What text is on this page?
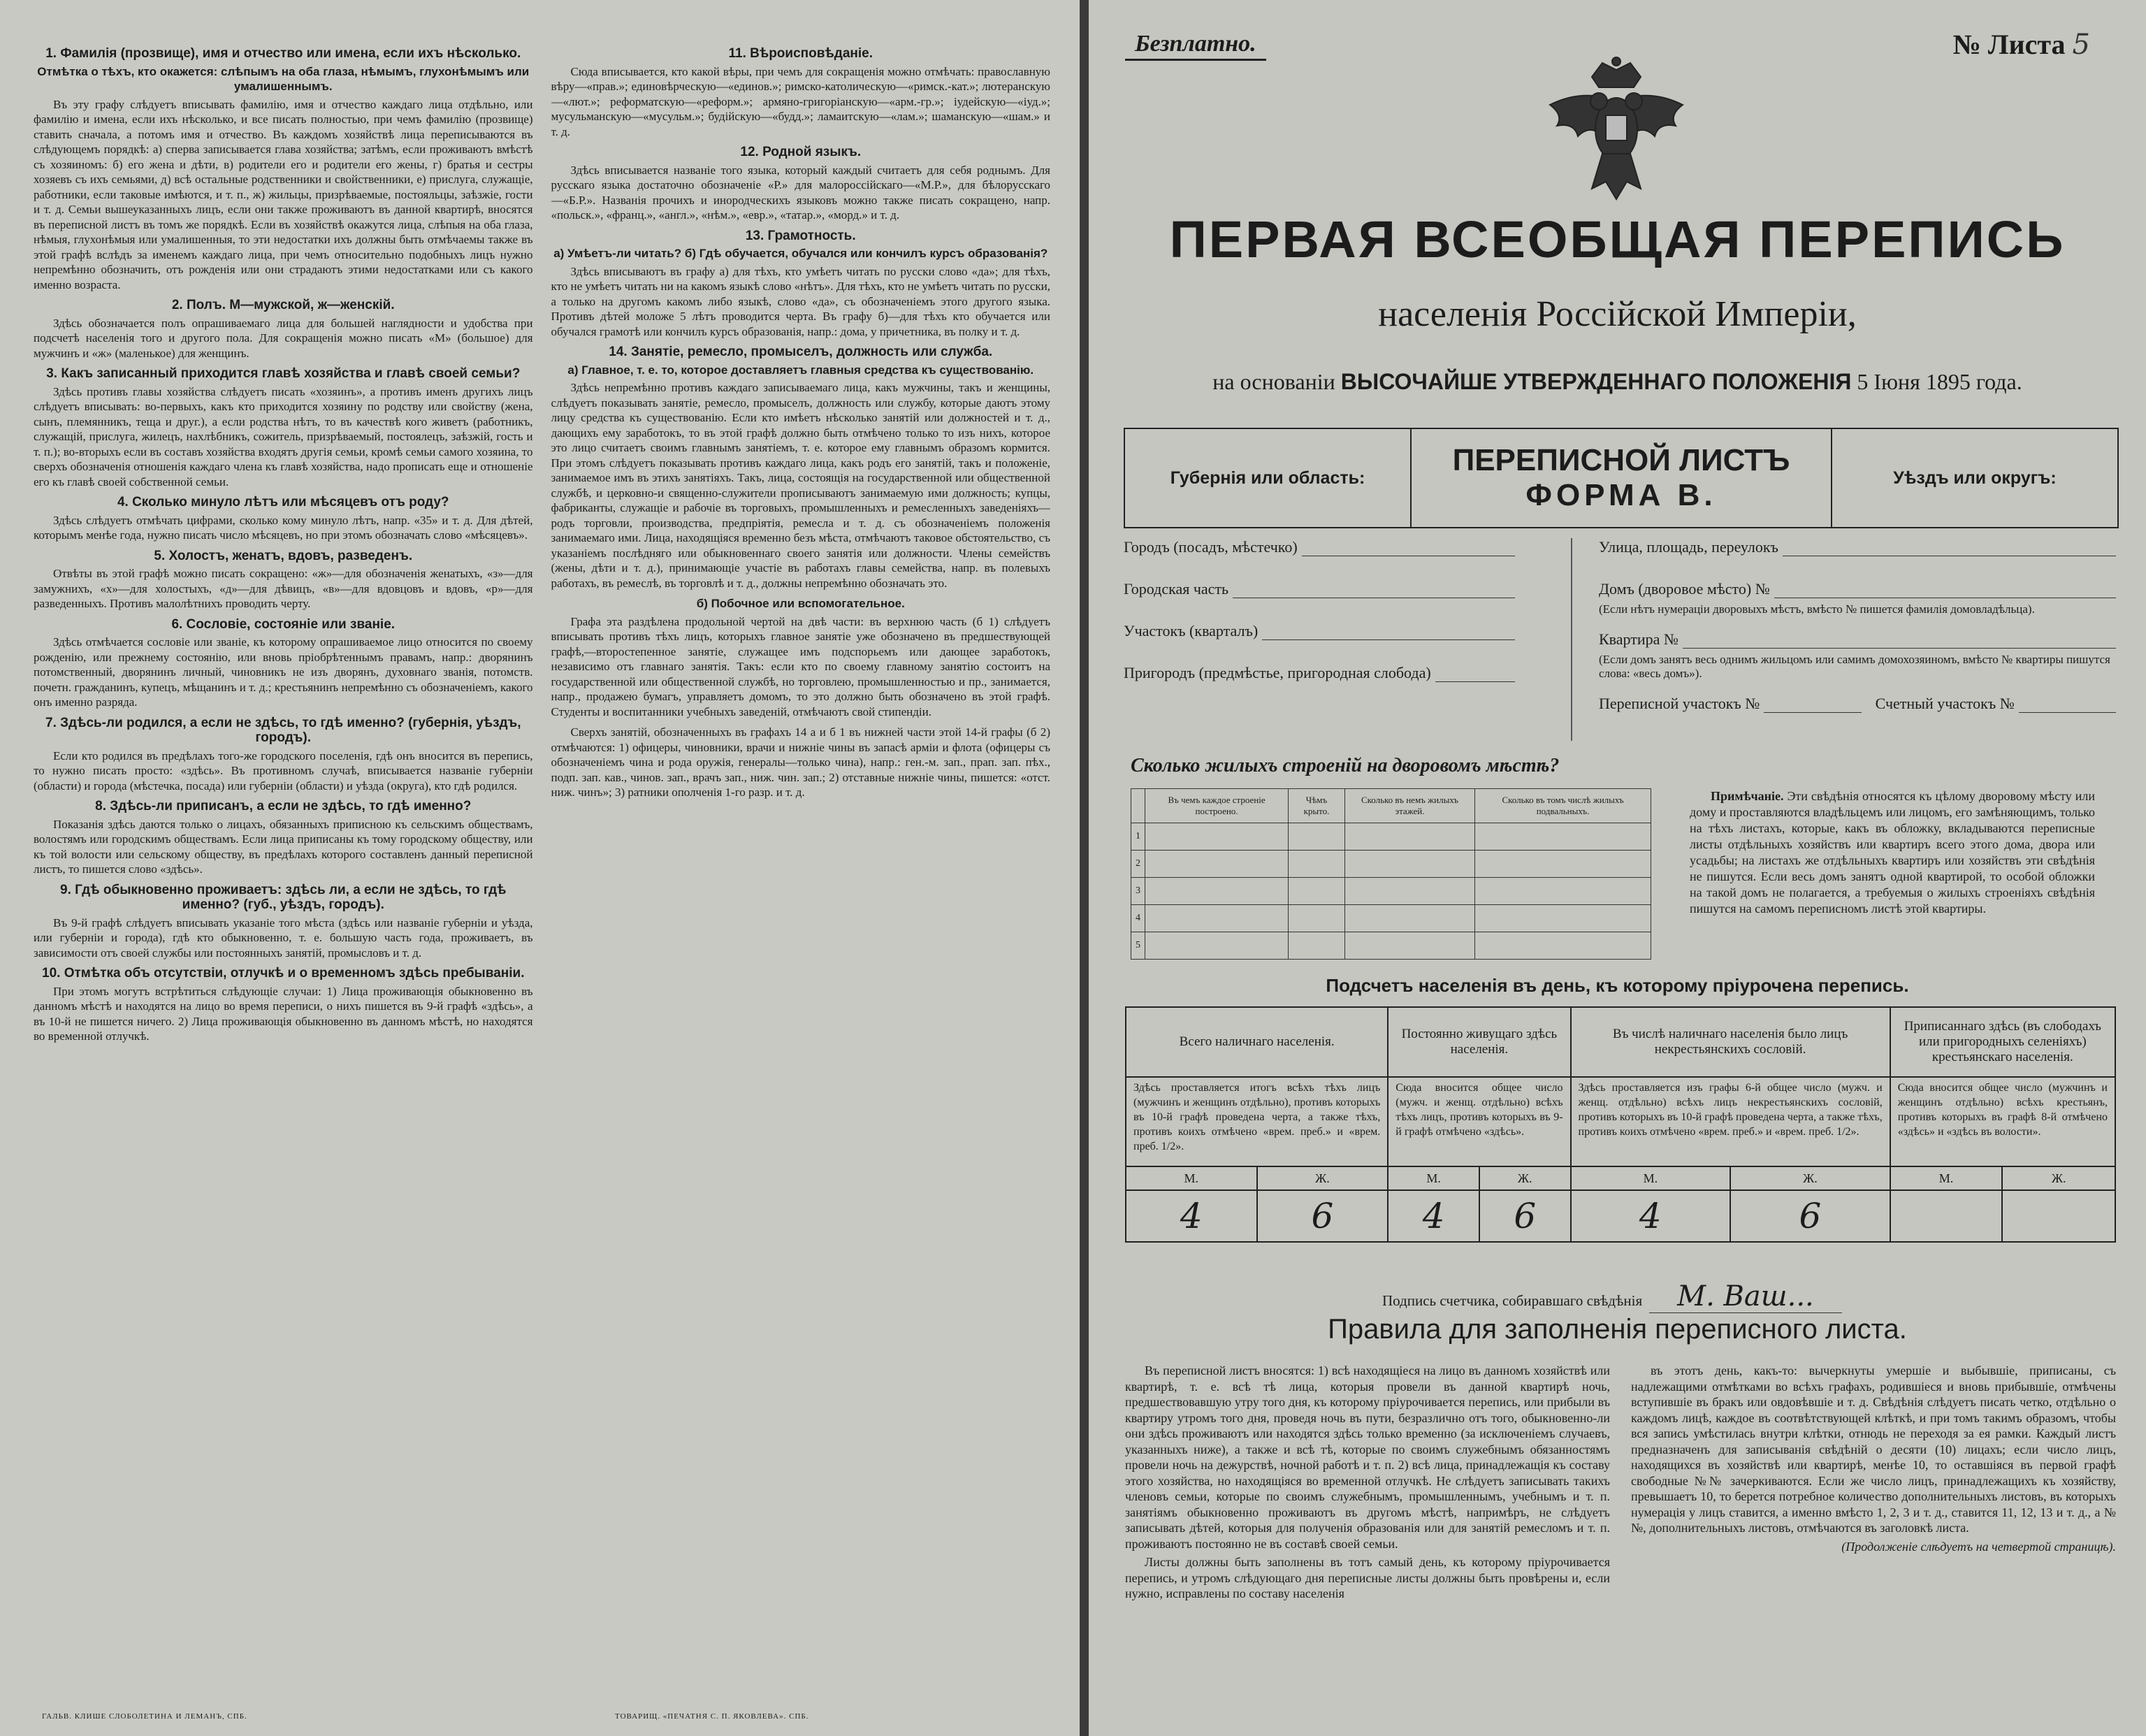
1. Фамилія (прозвище), имя и отчество или имена, если ихъ нѣсколько.
Отмѣтка о тѣхъ, кто окажется: слѣпымъ на оба глаза, нѣмымъ, глухонѣмымъ или умалишеннымъ.
Въ эту графу слѣдуетъ вписывать фамилію, имя и отчество каждаго лица отдѣльно, или фамилію и имена, если ихъ нѣсколько, и все писать полностью, при чемъ фамилію (прозвище) ставить сначала, а потомъ имя и отчество. Въ каждомъ хозяйствѣ лица переписываются въ слѣдующемъ порядкѣ: а) сперва записывается глава хозяйства; затѣмъ, если проживаютъ вмѣстѣ съ хозяиномъ: б) его жена и дѣти, в) родители его и родители его жены, г) братья и сестры хозяевъ съ ихъ семьями, д) всѣ остальные родственники и свойственники, е) прислуга, служащіе, работники, если таковые имѣются, и т. п., ж) жильцы, призрѣваемые, постояльцы, заѣзжіе, гости и т. д. Семьи вышеуказанныхъ лицъ, если они также проживаютъ въ данной квартирѣ, вносятся въ переписной листъ въ томъ же порядкѣ. Если въ хозяйствѣ окажутся лица, слѣпыя на оба глаза, нѣмыя, глухонѣмыя или умалишенныя, то эти недостатки ихъ должны быть отмѣчаемы также въ этой графѣ вслѣдъ за именемъ каждаго лица, при чемъ относительно подобныхъ лицъ нужно непремѣнно обозначить, отъ рожденія или они страдаютъ этими недостатками или съ какого именно возраста.
2. Полъ. М—мужской, ж—женскій.
Здѣсь обозначается полъ опрашиваемаго лица для большей наглядности и удобства при подсчетѣ населенія того и другого пола. Для сокращенія можно писать «М» (большое) для мужчинъ и «ж» (маленькое) для женщинъ.
3. Какъ записанный приходится главѣ хозяйства и главѣ своей семьи?
Здѣсь противъ главы хозяйства слѣдуетъ писать «хозяинъ», а противъ именъ другихъ лицъ слѣдуетъ вписывать: во-первыхъ, какъ кто приходится хозяину по родству или свойству (жена, сынъ, племянникъ, теща и друг.), а если родства нѣтъ, то въ качествѣ кого живетъ (работникъ, служащій, прислуга, жилецъ, нахлѣбникъ, сожитель, призрѣваемый, постоялецъ, заѣзжій, гость и т. п.); во-вторыхъ если въ составъ хозяйства входятъ другія семьи, кромѣ семьи самого хозяина, то сверхъ обозначенія отношенія каждаго члена къ главѣ хозяйства, надо прописать еще и отношеніе его къ главѣ своей собственной семьи.
4. Сколько минуло лѣтъ или мѣсяцевъ отъ роду?
Здѣсь слѣдуетъ отмѣчать цифрами, сколько кому минуло лѣтъ, напр. «35» и т. д. Для дѣтей, которымъ менѣе года, нужно писать число мѣсяцевъ, но при этомъ обозначать слово «мѣсяцевъ».
5. Холостъ, женатъ, вдовъ, разведенъ.
Отвѣты въ этой графѣ можно писать сокращено: «ж»—для обозначенія женатыхъ, «з»—для замужнихъ, «х»—для холостыхъ, «д»—для дѣвицъ, «в»—для вдовцовъ и вдовъ, «р»—для разведенныхъ. Противъ малолѣтнихъ проводить черту.
6. Сословіе, состояніе или званіе.
Здѣсь отмѣчается сословіе или званіе, къ которому опрашиваемое лицо относится по своему рожденію, или прежнему состоянію, или вновь пріобрѣтеннымъ правамъ, напр.: дворянинъ потомственный, дворянинъ личный, чиновникъ не изъ дворянъ, духовнаго званія, потомств. почетн. гражданинъ, купецъ, мѣщанинъ и т. д.; крестьянинъ непремѣнно съ обозначеніемъ, какого онъ именно разряда.
7. Здѣсь-ли родился, а если не здѣсь, то гдѣ именно? (губернія, уѣздъ, городъ).
Если кто родился въ предѣлахъ того-же городского поселенія, гдѣ онъ вносится въ перепись, то нужно писать просто: «здѣсь». Въ противномъ случаѣ, вписывается названіе губерніи (области) и города (мѣстечка, посада) или губерніи (области) и уѣзда (округа), кто гдѣ родился.
8. Здѣсь-ли приписанъ, а если не здѣсь, то гдѣ именно?
Показанія здѣсь даются только о лицахъ, обязанныхъ приписною къ сельскимъ обществамъ, волостямъ или городскимъ обществамъ. Если лица приписаны къ тому городскому обществу, или къ той волости или сельскому обществу, въ предѣлахъ которого составленъ данный переписной листъ, то пишется слово «здѣсь».
9. Гдѣ обыкновенно проживаетъ: здѣсь ли, а если не здѣсь, то гдѣ именно? (губ., уѣздъ, городъ).
Въ 9-й графѣ слѣдуетъ вписывать указаніе того мѣста (здѣсь или названіе губерніи и уѣзда, или губерніи и города), гдѣ кто обыкновенно, т. е. большую часть года, проживаетъ, въ зависимости отъ своей службы или постоянныхъ занятій, промысловъ и т. д.
10. Отмѣтка объ отсутствіи, отлучкѣ и о временномъ здѣсь пребываніи.
При этомъ могутъ встрѣтиться слѣдующіе случаи: 1) Лица проживающія обыкновенно въ данномъ мѣстѣ и находятся на лицо во время переписи, о нихъ пишется въ 9-й графѣ «здѣсь», а въ 10-й не пишется ничего. 2) Лица проживающія обыкновенно въ данномъ мѣстѣ, но находятся во временной отлучкѣ.
11. Вѣроисповѣданіе.
Сюда вписывается, кто какой вѣры, при чемъ для сокращенія можно отмѣчать: православную вѣру—«прав.»; единовѣрческую—«единов.»; римско-католическую—«римск.-кат.»; лютеранскую—«лют.»; реформатскую—«реформ.»; армяно-григоріанскую—«арм.-гр.»; іудейскую—«іуд.»; мусульманскую—«мусульм.»; будійскую—«будд.»; ламаитскую—«лам.»; шаманскую—«шам.» и т. д.
12. Родной языкъ.
Здѣсь вписывается названіе того языка, который каждый считаетъ для себя роднымъ. Для русскаго языка достаточно обозначеніе «Р.» для малороссійскаго—«М.Р.», для бѣлорусскаго—«Б.Р.». Названія прочихъ и инородческихъ языковъ можно также писать сокращено, напр. «польск.», «франц.», «англ.», «нѣм.», «евр.», «татар.», «морд.» и т. д.
13. Грамотность.
а) Умѣетъ-ли читать? б) Гдѣ обучается, обучался или кончилъ курсъ образованія?
Здѣсь вписываютъ въ графу а) для тѣхъ, кто умѣетъ читать по русски слово «да»; для тѣхъ, кто не умѣетъ читать ни на какомъ языкѣ слово «нѣтъ». Для тѣхъ, кто не умѣетъ читать по русски, а только на другомъ какомъ либо языкѣ, слово «да», съ обозначеніемъ этого другого языка. Противъ дѣтей моложе 5 лѣтъ проводится черта. Въ графу б)—для тѣхъ кто обучается или обучался грамотѣ или кончилъ курсъ образованія, напр.: дома, у причетника, въ полку и т. д.
14. Занятіе, ремесло, промыселъ, должность или служба.
а) Главное, т. е. то, которое доставляетъ главныя средства къ существованію.
Здѣсь непремѣнно противъ каждаго записываемаго лица, какъ мужчины, такъ и женщины, слѣдуетъ показывать занятіе, ремесло, промыселъ, должность или службу, которые даютъ этому лицу средства къ существованію. Если кто имѣетъ нѣсколько занятій или должностей и т. д., дающихъ ему заработокъ, то въ этой графѣ должно быть отмѣчено только то изъ нихъ, которое это лицо считаетъ своимъ главнымъ занятіемъ, т. е. которое ему главнымъ образомъ кормится. При этомъ слѣдуетъ показывать противъ каждаго лица, какъ родъ его занятій, такъ и положеніе, занимаемое имъ въ этихъ занятіяхъ. Такъ, лица, состоящія на государственной или общественной службѣ, и церковно-и священно-служители прописываютъ занимаемую ими должность; купцы, фабриканты, служащіе и рабочіе въ торговыхъ, промышленныхъ и ремесленныхъ заведеніяхъ—родъ торговли, производства, предпріятія, ремесла и т. д. съ обозначеніемъ положенія занимаемаго ими. Лица, находящіяся временно безъ мѣста, отмѣчаютъ таковое обстоятельство, съ указаніемъ послѣдняго или обыкновеннаго своего занятія или должности. Члены семействъ (жены, дѣти и т. д.), принимающіе участіе въ работахъ главы семейства, напр. въ полевыхъ работахъ, въ ремеслѣ, въ торговлѣ и т. д., должны непремѣнно обозначать это.
б) Побочное или вспомогательное.
Графа эта раздѣлена продольной чертой на двѣ части: въ верхнюю часть (б 1) слѣдуетъ вписывать противъ тѣхъ лицъ, которыхъ главное занятіе уже обозначено въ предшествующей графѣ,—второстепенное занятіе, служащее имъ подспорьемъ или дающее заработокъ, независимо отъ главнаго занятія. Такъ: если кто по своему главному занятію состоитъ на государственной или общественной службѣ, но торговлею, промышленностью и пр., занимается, напр., продажею бумагъ, управляетъ домомъ, то это должно быть обозначено въ этой графѣ. Студенты и воспитанники учебныхъ заведеній, отмѣчаютъ свой стипендіи.
Сверхъ занятій, обозначенныхъ въ графахъ 14 а и б 1 въ нижней части этой 14-й графы (б 2) отмѣчаются: 1) офицеры, чиновники, врачи и нижніе чины въ запасѣ арміи и флота (офицеры съ обозначеніемъ чина и рода оружія, генералы—только чина), напр.: ген.-м. зап., прап. зап. пѣх., подп. зап. кав., чинов. зап., врачъ зап., ниж. чин. зап.; 2) отставные нижніе чины, пишется: «отст. ниж. чинъ»; 3) ратники ополченія 1-го разр. и т. д.
ГАЛЬВ. КЛИШЕ СЛОБОЛЕТИНА И ЛЕМАНЪ, СПБ.	ТОВАРИЩ. «ПЕЧАТНЯ С. П. ЯКОВЛЕВА». СПБ.
Безплатно.	№ Листа 5
ПЕРВАЯ ВСЕОБЩАЯ ПЕРЕПИСЬ
населенія Россійской Имперіи,
на основаніи ВЫСОЧАЙШЕ УТВЕРЖДЕННАГО ПОЛОЖЕНІЯ 5 Іюня 1895 года.
Губернія или область:
ПЕРЕПИСНОЙ ЛИСТЪ
ФОРМА В.
Уѣздъ или округъ:
Городъ (посадъ, мѣстечко)
Городская часть
Участокъ (кварталъ)
Пригородъ (предмѣстье, пригородная слобода)
Улица, площадь, переулокъ
Домъ (дворовое мѣсто) №
(Если нѣтъ нумераціи дворовыхъ мѣстъ, вмѣсто № пишется фамилія домовладѣльца).
Квартира №
(Если домъ занятъ весь однимъ жильцомъ или самимъ домохозяиномъ, вмѣсто № квартиры пишутся слова: «весь домъ»).
Переписной участокъ №	Счетный участокъ №
Сколько жилыхъ строеній на дворовомъ мѣстѣ?
	Въ чемъ каждое строеніе построено.	Чѣмъ крыто.	Сколько въ немъ жилыхъ этажей.	Сколько въ томъ числѣ жилыхъ подвальныхъ.
1				
2				
3				
4				
5				
Примѣчаніе. Эти свѣдѣнія относятся къ цѣлому дворовому мѣсту или дому и проставляются владѣльцемъ или лицомъ, его замѣняющимъ, только на тѣхъ листахъ, которые, какъ въ обложку, вкладываются переписные листы отдѣльныхъ хозяйствъ или квартиръ всего этого дома, двора или усадьбы; на листахъ же отдѣльныхъ квартиръ или хозяйствъ эти свѣдѣнія не пишутся. Если весь домъ занятъ одной квартирой, то особой обложки на такой домъ не полагается, а требуемыя о жилыхъ строеніяхъ свѣдѣнія пишутся на самомъ переписномъ листѣ этой квартиры.
Подсчетъ населенія въ день, къ которому пріурочена перепись.
Всего наличнаго населенія.		Постоянно живущаго здѣсь населенія.		Въ числѣ наличнаго населенія было лицъ некрестьянскихъ сословій.		Приписаннаго здѣсь (въ слободахъ или пригородныхъ селеніяхъ) крестьянскаго населенія.	
Здѣсь проставляется итогъ всѣхъ тѣхъ лицъ (мужчинъ и женщинъ отдѣльно), противъ которыхъ въ 10-й графѣ проведена черта, а также тѣхъ, противъ коихъ отмѣчено «врем. преб.» и «врем. преб. 1/2».		Сюда вносится общее число (мужч. и женщ. отдѣльно) всѣхъ тѣхъ лицъ, противъ которыхъ въ 9-й графѣ отмѣчено «здѣсь».		Здѣсь проставляется изъ графы 6-й общее число (мужч. и женщ. отдѣльно) всѣхъ лицъ некрестьянскихъ сословій, противъ которыхъ въ 10-й графѣ проведена черта, а также тѣхъ, противъ коихъ отмѣчено «врем. преб.» и «врем. преб. 1/2».		Сюда вносится общее число (мужчинъ и женщинъ отдѣльно) всѣхъ крестьянъ, противъ которыхъ въ графѣ 8-й отмѣчено «здѣсь» и «здѣсь въ волости».	
М.	Ж.	М.	Ж.	М.	Ж.	М.	Ж.
4	6	4	6	4	6		
Подпись счетчика, собиравшаго свѣдѣнія М. Ваш...
Правила для заполненія переписного листа.

Въ переписной листъ вносятся: 1) всѣ находящіеся на лицо въ данномъ хозяйствѣ или квартирѣ, т. е. всѣ тѣ лица, которыя провели въ данной квартирѣ ночь, предшествовавшую утру того дня, къ которому пріурочивается перепись, или прибыли въ квартиру утромъ того дня, проведя ночь въ пути, безразлично отъ того, обыкновенно-ли они здѣсь проживаютъ или находятся здѣсь только временно (за исключеніемъ случаевъ, указанныхъ ниже), а также и всѣ тѣ, которые по своимъ служебнымъ обязанностямъ провели ночь на дежурствѣ, ночной работѣ и т. п. 2) всѣ лица, принадлежащія къ составу этого хозяйства, но находящіяся во временной отлучкѣ. Не слѣдуетъ записывать такихъ членовъ семьи, которые по своимъ служебнымъ, промышленнымъ, учебнымъ и т. п. занятіямъ обыкновенно проживаютъ въ другомъ мѣстѣ, напримѣръ, не слѣдуетъ записывать дѣтей, которыя для полученія образованія или для занятій ремесломъ и т. п. проживаютъ постоянно не въ составѣ своей семьи.

Листы должны быть заполнены въ тотъ самый день, къ которому пріурочивается перепись, и утромъ слѣдующаго дня переписные листы должны быть провѣрены и, если нужно, исправлены по составу населенія

въ этотъ день, какъ-то: вычеркнуты умершіе и выбывшіе, приписаны, съ надлежащими отмѣтками во всѣхъ графахъ, родившіеся и вновь прибывшіе, отмѣчены вступившіе въ бракъ или овдовѣвшіе и т. д. Свѣдѣнія слѣдуетъ писать четко, отдѣльно о каждомъ лицѣ, каждое въ соотвѣтствующей клѣткѣ, и при томъ такимъ образомъ, чтобы вся запись умѣстилась внутри клѣтки, отнюдь не переходя за ея рамки. Каждый листъ предназначенъ для записыванія свѣдѣній о десяти (10) лицахъ; если число лицъ, находящихся въ хозяйствѣ или квартирѣ, менѣе 10, то оставшіяся въ первой графѣ свободные №№ зачеркиваются. Если же число лицъ, принадлежащихъ къ хозяйству, превышаетъ 10, то берется потребное количество дополнительныхъ листовъ, въ которыхъ нумерація у лицъ ставится, а именно вмѣсто 1, 2, 3 и т. д., ставится 11, 12, 13 и т. д., а №№, дополнительныхъ листовъ, отмѣчаются въ заголовкѣ листа.

(Продолженіе слѣдуетъ на четвертой страницѣ).
